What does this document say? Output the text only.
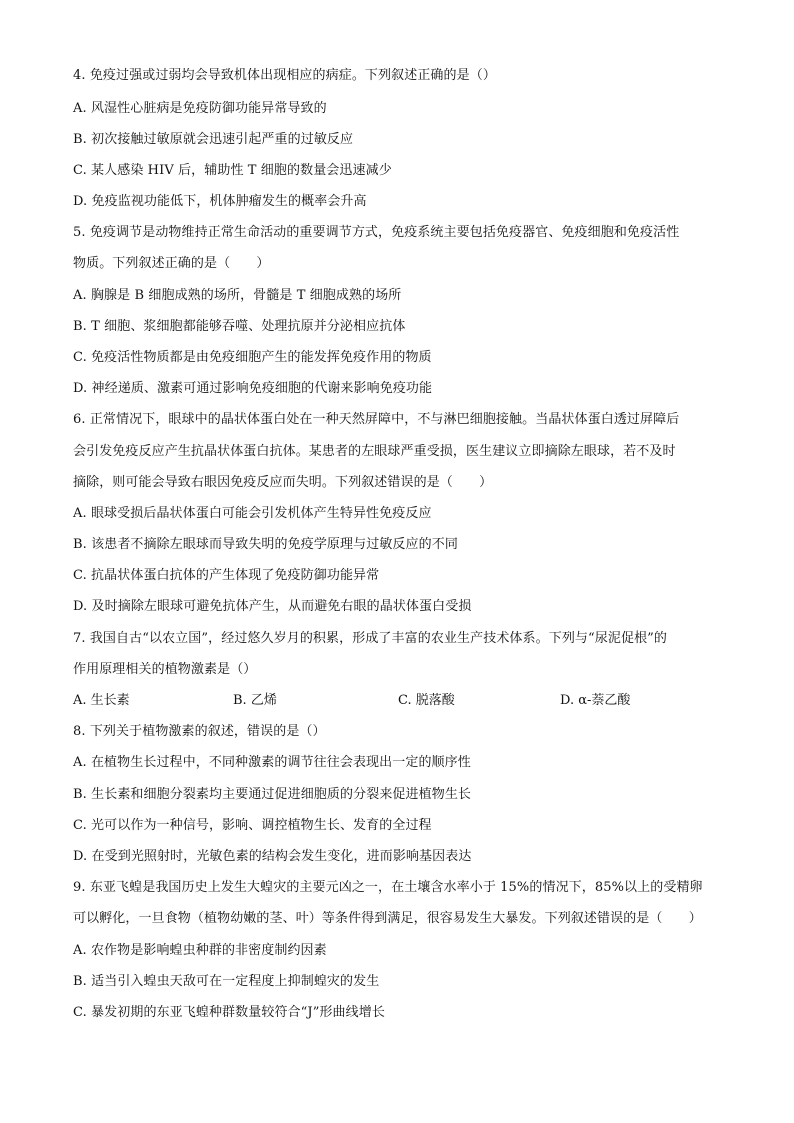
4. 免疫过强或过弱均会导致机体出现相应的病症。下列叙述正确的是（）
A. 风湿性心脏病是免疫防御功能异常导致的
B. 初次接触过敏原就会迅速引起严重的过敏反应
C. 某人感染 HIV 后，辅助性 T 细胞的数量会迅速减少
D. 免疫监视功能低下，机体肿瘤发生的概率会升高
5. 免疫调节是动物维持正常生命活动的重要调节方式，免疫系统主要包括免疫器官、免疫细胞和免疫活性
物质。下列叙述正确的是（　　）
A. 胸腺是 B 细胞成熟的场所，骨髓是 T 细胞成熟的场所
B. T 细胞、浆细胞都能够吞噬、处理抗原并分泌相应抗体
C. 免疫活性物质都是由免疫细胞产生的能发挥免疫作用的物质
D. 神经递质、激素可通过影响免疫细胞的代谢来影响免疫功能
6. 正常情况下，眼球中的晶状体蛋白处在一种天然屏障中，不与淋巴细胞接触。当晶状体蛋白透过屏障后
会引发免疫反应产生抗晶状体蛋白抗体。某患者的左眼球严重受损，医生建议立即摘除左眼球，若不及时
摘除，则可能会导致右眼因免疫反应而失明。下列叙述错误的是（　　）
A. 眼球受损后晶状体蛋白可能会引发机体产生特异性免疫反应
B. 该患者不摘除左眼球而导致失明的免疫学原理与过敏反应的不同
C. 抗晶状体蛋白抗体的产生体现了免疫防御功能异常
D. 及时摘除左眼球可避免抗体产生，从而避免右眼的晶状体蛋白受损
7. 我国自古“以农立国”，经过悠久岁月的积累，形成了丰富的农业生产技术体系。下列与“尿泥促根”的
作用原理相关的植物激素是（）
A. 生长素	B. 乙烯	C. 脱落酸	D. α-萘乙酸
8. 下列关于植物激素的叙述，错误的是（）
A. 在植物生长过程中，不同种激素的调节往往会表现出一定的顺序性
B. 生长素和细胞分裂素均主要通过促进细胞质的分裂来促进植物生长
C. 光可以作为一种信号，影响、调控植物生长、发育的全过程
D. 在受到光照射时，光敏色素的结构会发生变化，进而影响基因表达
9. 东亚飞蝗是我国历史上发生大蝗灾的主要元凶之一，在土壤含水率小于 15%的情况下，85%以上的受精卵
可以孵化，一旦食物（植物幼嫩的茎、叶）等条件得到满足，很容易发生大暴发。下列叙述错误的是（　　）
A. 农作物是影响蝗虫种群的非密度制约因素
B. 适当引入蝗虫天敌可在一定程度上抑制蝗灾的发生
C. 暴发初期的东亚飞蝗种群数量较符合“J”形曲线增长
